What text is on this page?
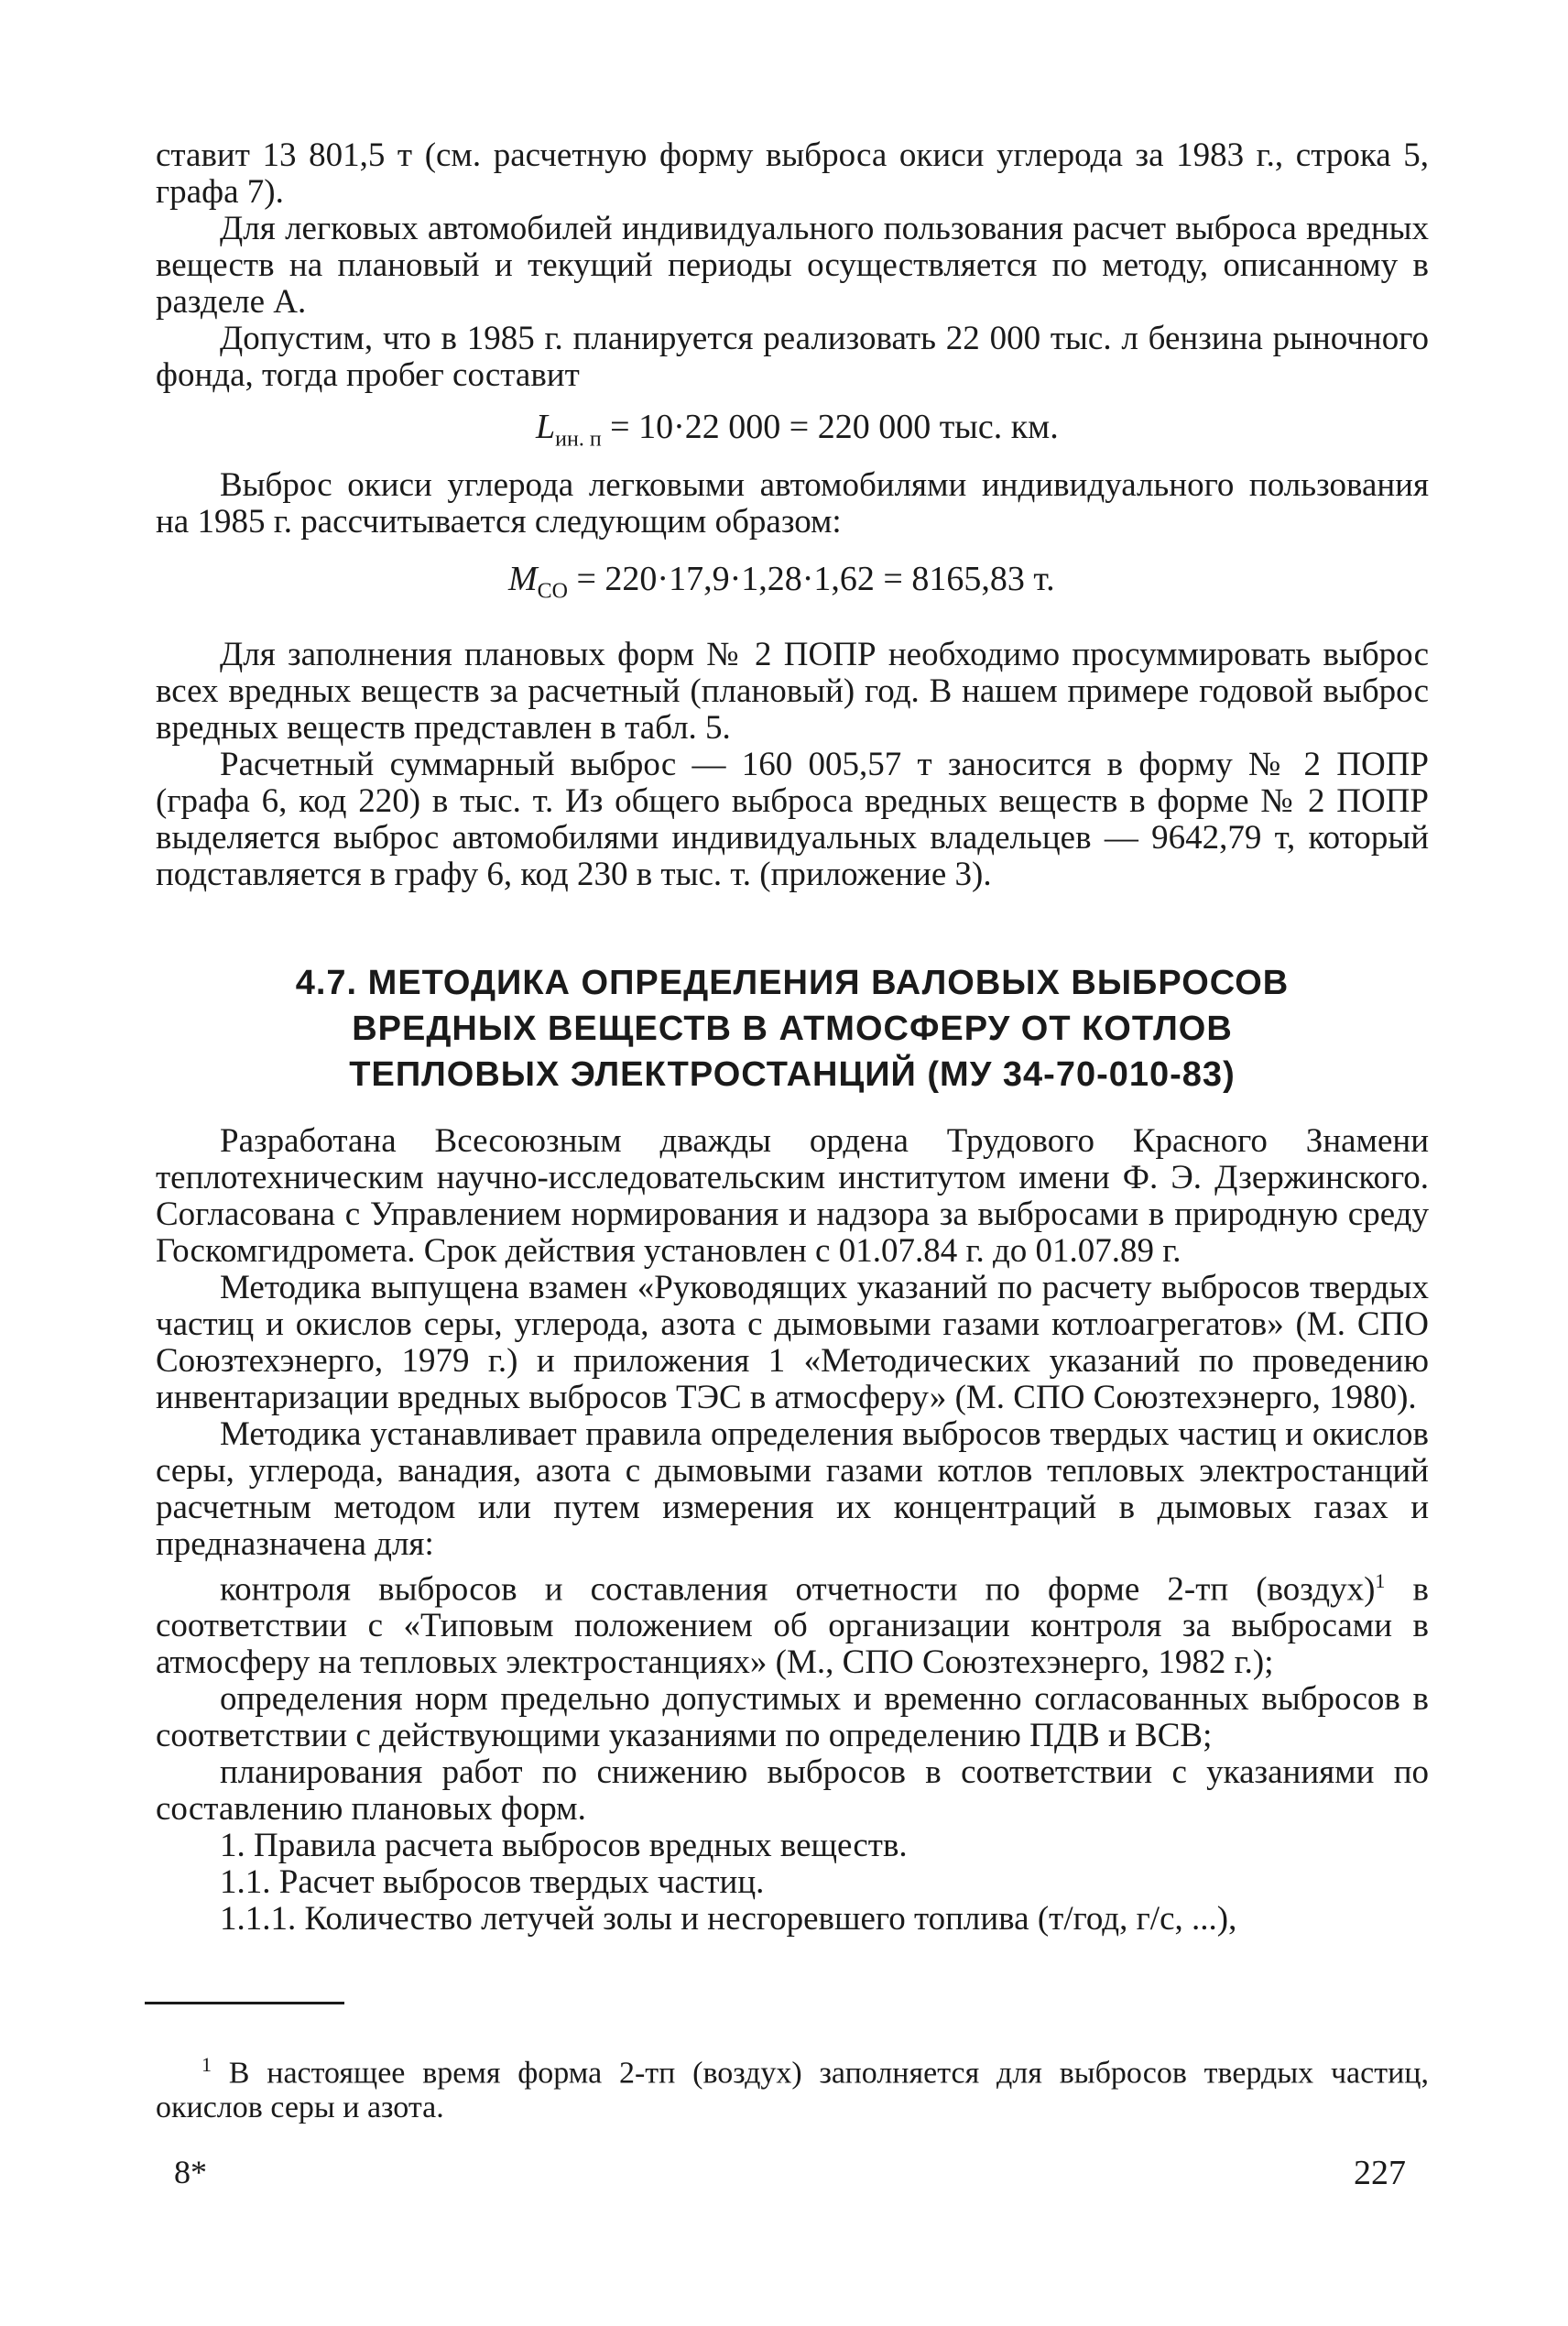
ставит 13 801,5 т (см. расчетную форму выброса окиси углерода за 1983 г., строка 5, графа 7).

Для легковых автомобилей индивидуального пользования расчет выброса вредных веществ на плановый и текущий периоды осуществляется по методу, описанному в разделе А.

Допустим, что в 1985 г. планируется реализовать 22 000 тыс. л бензина рыночного фонда, тогда пробег составит

$L_{ин. п} = 10\cdot 22$ 000 = 220 000 тыс. км.

Выброс окиси углерода легковыми автомобилями индивидуального пользования на 1985 г. рассчитывается следующим образом:

$M_{CO} = 220\cdot 17,9\cdot 1,28\cdot 1,62 = 8165,83$ т.

Для заполнения плановых форм № 2 ПОПР необходимо просуммировать выброс всех вредных веществ за расчетный (плановый) год. В нашем примере годовой выброс вредных веществ представлен в табл. 5.

Расчетный суммарный выброс — 160 005,57 т заносится в форму № 2 ПОПР (графа 6, код 220) в тыс. т. Из общего выброса вредных веществ в форме № 2 ПОПР выделяется выброс автомобилями индивидуальных владельцев — 9642,79 т, который подставляется в графу 6, код 230 в тыс. т. (приложение 3).

4.7. МЕТОДИКА ОПРЕДЕЛЕНИЯ ВАЛОВЫХ ВЫБРОСОВ
ВРЕДНЫХ ВЕЩЕСТВ В АТМОСФЕРУ ОТ КОТЛОВ
ТЕПЛОВЫХ ЭЛЕКТРОСТАНЦИЙ (МУ 34-70-010-83)

Разработана Всесоюзным дважды ордена Трудового Красного Знамени теплотехническим научно-исследовательским институтом имени Ф. Э. Дзержинского. Согласована с Управлением нормирования и надзора за выбросами в природную среду Госкомгидромета. Срок действия установлен с 01.07.84 г. до 01.07.89 г.

Методика выпущена взамен «Руководящих указаний по расчету выбросов твердых частиц и окислов серы, углерода, азота с дымовыми газами котлоагрегатов» (М. СПО Союзтехэнерго, 1979 г.) и приложения 1 «Методических указаний по проведению инвентаризации вредных выбросов ТЭС в атмосферу» (М. СПО Союзтехэнерго, 1980).

Методика устанавливает правила определения выбросов твердых частиц и окислов серы, углерода, ванадия, азота с дымовыми газами котлов тепловых электростанций расчетным методом или путем измерения их концентраций в дымовых газах и предназначена для:

контроля выбросов и составления отчетности по форме 2-тп (воздух)$^1$ в соответствии с «Типовым положением об организации контроля за выбросами в атмосферу на тепловых электростанциях» (М., СПО Союзтехэнерго, 1982 г.);

определения норм предельно допустимых и временно согласованных выбросов в соответствии с действующими указаниями по определению ПДВ и ВСВ;

планирования работ по снижению выбросов в соответствии с указаниями по составлению плановых форм.

1. Правила расчета выбросов вредных веществ.

1.1. Расчет выбросов твердых частиц.

1.1.1. Количество летучей золы и несгоревшего топлива (т/год, г/с, ...),

$^1$ В настоящее время форма 2-тп (воздух) заполняется для выбросов твердых частиц, окислов серы и азота.
8*	227
